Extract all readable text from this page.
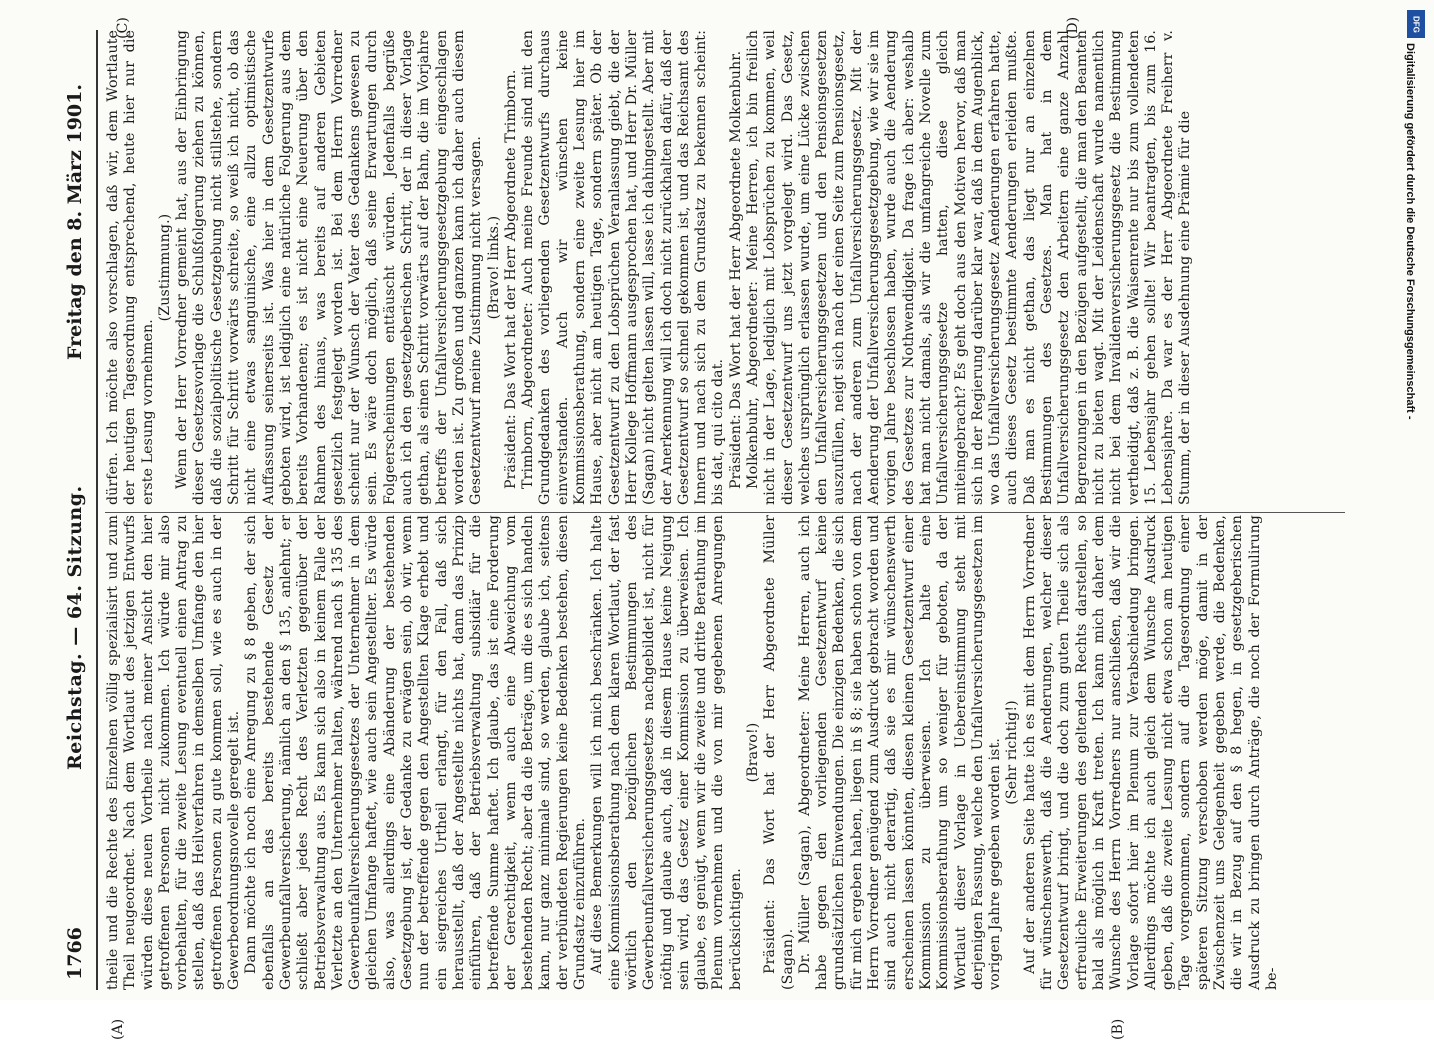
1766
Reichstag. — 64. Sitzung.
Freitag den 8. März 1901.

theile und die Rechte des Einzelnen völlig spezialisirt und zum Theil neugeordnet. Nach dem Wortlaut des jetzigen Entwurfs würden diese neuen Vortheile nach meiner Ansicht den hier getroffenen Personen nicht zukommen. Ich würde mir also vorbehalten, für die zweite Lesung eventuell einen Antrag zu stellen, daß das Heilverfahren in demselben Umfange den hier getroffenen Personen zu gute kommen soll, wie es auch in der Gewerbeordnungsnovelle geregelt ist. Dann möchte ich noch eine Anregung zu § 8 geben, der sich ebenfalls an das bereits bestehende Gesetz der Gewerbeunfallversicherung, nämlich an den § 135, anlehnt; er schließt aber jedes Recht des Verletzten gegenüber der Betriebsverwaltung aus. Es kann sich also in keinem Falle der Verletzte an den Unternehmer halten, während nach § 135 des Gewerbeunfallversicherungsgesetzes der Unternehmer in dem gleichen Umfange haftet, wie auch sein Angestellter. Es würde also, was allerdings eine Abänderung der bestehenden Gesetzgebung ist, der Gedanke zu erwägen sein, ob wir, wenn nun der betreffende gegen den Angestellten Klage erhebt und ein siegreiches Urtheil erlangt, für den Fall, daß sich herausstellt, daß der Angestellte nichts hat, dann das Prinzip einführen, daß der Betriebsverwaltung subsidiär für die betreffende Summe haftet. Ich glaube, das ist eine Forderung der Gerechtigkeit, wenn auch eine Abweichung vom bestehenden Recht; aber da die Beträge, um die es sich handeln kann, nur ganz minimale sind, so werden, glaube ich, seitens der verbündeten Regierungen keine Bedenken bestehen, diesen Grundsatz einzuführen. Auf diese Bemerkungen will ich mich beschränken. Ich halte eine Kommissionsberathung nach dem klaren Wortlaut, der fast wörtlich den bezüglichen Bestimmungen des Gewerbeunfallversicherungsgesetzes nachgebildet ist, nicht für nöthig und glaube auch, daß in diesem Hause keine Neigung sein wird, das Gesetz einer Kommission zu überweisen. Ich glaube, es genügt, wenn wir die zweite und dritte Berathung im Plenum vornehmen und die von mir gegebenen Anregungen berücksichtigen.

(Bravo!) Präsident: Das Wort hat der Herr Abgeordnete Müller (Sagan). Dr. Müller (Sagan), Abgeordneter: Meine Herren, auch ich habe gegen den vorliegenden Gesetzentwurf keine grundsätzlichen Einwendungen. Die einzigen Bedenken, die sich für mich ergeben haben, liegen in § 8; sie haben schon von dem Herrn Vorredner genügend zum Ausdruck gebracht worden und sind auch nicht derartig, daß sie es mir wünschenswerth erscheinen lassen könnten, diesen kleinen Gesetzentwurf einer Kommission zu überweisen. Ich halte eine Kommissionsberathung um so weniger für geboten, da der Wortlaut dieser Vorlage in Uebereinstimmung steht mit derjenigen Fassung, welche den Unfallversicherungsgesetzen im vorigen Jahre gegeben worden ist. (Sehr richtig!) Auf der anderen Seite hatte ich es mit dem Herrn Vorredner für wünschenswerth, daß die Aenderungen, welcher dieser Gesetzentwurf bringt, und die doch zum guten Theile sich als erfreuliche Erweiterungen des geltenden Rechts darstellen, so bald als möglich in Kraft treten. Ich kann mich daher dem Wunsche des Herrn Vorredners nur anschließen, daß wir die Vorlage sofort hier im Plenum zur Verabschiedung bringen. Allerdings möchte ich auch gleich dem Wunsche Ausdruck geben, daß die zweite Lesung nicht etwa schon am heutigen Tage vorgenommen, sondern auf die Tagesordnung einer späteren Sitzung verschoben werden möge, damit in der Zwischenzeit uns Gelegenheit gegeben werde, die Bedenken, die wir in Bezug auf den § 8 hegen, in gesetzgeberischen Ausdruck zu bringen durch Anträge, die noch der Formulirung be-

dürfen. Ich möchte also vorschlagen, daß wir, dem Wortlaute der heutigen Tagesordnung entsprechend, heute hier nur die erste Lesung vornehmen.

(Zustimmung.) Wenn der Herr Vorredner gemeint hat, aus der Einbringung dieser Gesetzesvorlage die Schlußfolgerung ziehen zu können, daß die sozialpolitische Gesetzgebung nicht stillstehe, sondern Schritt für Schritt vorwärts schreite, so weiß ich nicht, ob das nicht eine etwas sanguinische, eine allzu optimistische Auffassung seinerseits ist. Was hier in dem Gesetzentwurfe geboten wird, ist lediglich eine natürliche Folgerung aus dem bereits Vorhandenen; es ist nicht eine Neuerung über den Rahmen des hinaus, was bereits auf anderen Gebieten gesetzlich festgelegt worden ist. Bei dem Herrn Vorredner scheint nur der Wunsch der Vater des Gedankens gewesen zu sein. Es wäre doch möglich, daß seine Erwartungen durch Folgeerscheinungen enttäuscht würden. Jedenfalls begrüße auch ich den gesetzgeberischen Schritt, der in dieser Vorlage gethan, als einen Schritt vorwärts auf der Bahn, die im Vorjahre betreffs der Unfallversicherungsgesetzgebung eingeschlagen worden ist. Zu großen und ganzen kann ich daher auch diesem Gesetzentwurf meine Zustimmung nicht versagen. (Bravo! links.) Präsident: Das Wort hat der Herr Abgeordnete Trimborn. Trimborn, Abgeordneter: Auch meine Freunde sind mit den Grundgedanken des vorliegenden Gesetzentwurfs durchaus einverstanden. Auch wir wünschen keine Kommissionsberathung, sondern eine zweite Lesung hier im Hause, aber nicht am heutigen Tage, sondern später. Ob der Gesetzentwurf zu den Lobsprüchen Veranlassung giebt, die der Herr Kollege Hoffmann ausgesprochen hat, und Herr Dr. Müller (Sagan) nicht gelten lassen will, lasse ich dahingestellt. Aber mit der Anerkennung will ich doch nicht zurückhalten dafür, daß der Gesetzentwurf so schnell gekommen ist, und das Reichsamt des Innern und nach sich zu dem Grundsatz zu bekennen scheint: bis dat, qui cito dat. Präsident: Das Wort hat der Herr Abgeordnete Molkenbuhr. Molkenbuhr, Abgeordneter: Meine Herren, ich bin freilich nicht in der Lage, lediglich mit Lobsprüchen zu kommen, weil dieser Gesetzentwurf uns jetzt vorgelegt wird. Das Gesetz, welches ursprünglich erlassen wurde, um eine Lücke zwischen den Unfallversicherungsgesetzen und den Pensionsgesetzen auszufüllen, neigt sich nach der einen Seite zum Pensionsgesetz, nach der anderen zum Unfallversicherungsgesetz. Mit der Aenderung der Unfallversicherungsgesetzgebung, wie wir sie im vorigen Jahre beschlossen haben, wurde auch die Aenderung des Gesetzes zur Nothwendigkeit. Da frage ich aber: weshalb hat man nicht damals, als wir die umfangreiche Novelle zum Unfallversicherungsgesetze hatten, diese gleich miteingebracht? Es geht doch aus den Motiven hervor, daß man sich in der Regierung darüber klar war, daß in dem Augenblick, wo das Unfallversicherungsgesetz Aenderungen erfahren hatte, auch dieses Gesetz bestimmte Aenderungen erleiden mußte. Daß man es nicht gethan, das liegt nur an einzelnen Bestimmungen des Gesetzes. Man hat in dem Unfallversicherungsgesetz den Arbeitern eine ganze Anzahl Begrenzungen in den Bezügen aufgestellt, die man den Beamten nicht zu bieten wagt. Mit der Leidenschaft wurde namentlich nicht bei dem Invalidenversicherungsgesetz die Bestimmung vertheidigt, daß z. B. die Waisenrente nur bis zum vollendeten 15. Lebensjahr gehen sollte! Wir beantragten, bis zum 16. Lebensjahre. Da war es der Herr Abgeordnete Freiherr v. Stumm, der in dieser Ausdehnung eine Prämie für die

(A)	(B)
(C)	(D)	DFG
Digitalisierung gefördert durch die Deutsche Forschungsgemeinschaft -
